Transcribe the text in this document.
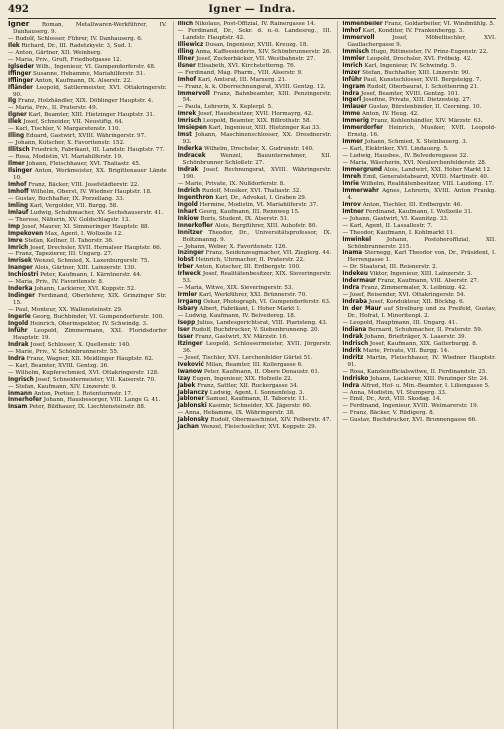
492	Igner — Indra.

Igner Roman, Metallwaren-Werkführer, IV. Danhauserg. 9.

— Rudolf, Schlosser, Führer, IV. Danhauserg. 6.

Ilek Richard, Dr., III. Radetzkystr. 3, Sud. I.

— Anton, Gärtner, XII. Weinberg.

— Maria, Priv., Gruft, Friedhofgasse 12.

Iglseder Wilh., Ingenieur, VI. Gumpendorferstr. 48.

Iffinger Susanne, Hebamme, Mariahilferstr. 51.

Ifflinger Anton, Kaufmann, IX. Alserstr. 22.

Ifländer Leopold, Sattlermeister, XVI. Ottakringerstr. 90.

Ilg Franz, Holzhändler, XIX. Döblinger Hauptstr. 4.

— Maria, Priv., II. Praterstr. 49.

Ilgner Karl, Beamter, XIII. Hietzinger Hauptstr. 31.

Illek Josef, Schneider, VII. Neustiftg. 64.

— Karl, Tischler, V. Margaretenstr. 110.

Illing Eduard, Gastwirt, XVIII. Währingerstr. 97.

— Johann, Kutscher, X. Favoritenstr. 152.

Illitsch Friedrich, Fabrikant, III. Landstr. Hauptstr. 77.

— Rosa, Modistin, VI. Mariahilferstr. 19.

Ilmer Johann, Fleischhauer, XVI. Thaliastr. 45.

Ilsinger Anton, Werkmeister, XX. Brigittenauer Lände 10.

Imhof Franz, Bäcker, VIII. Josefstädterstr. 22.

Imhoff Wilhelm, Oberst, IV. Wiedner Hauptstr. 18.

— Gustav, Buchhalter, IX. Porzellang. 33.

Imling Karl, Vergolder, VII. Burgg. 58.

Imlauf Ludwig, Schuhmacher, XV. Sechshauserstr. 41.

— Therese, Näherin, XV. Goldschlagstr. 13.

Imp Josef, Maurer, XI. Simmeringer Hauptstr. 88.

Impekoven Max, Agent, I. Wollzeile 12.

Imre Stefan, Kellner, II. Taborstr. 36.

Imrich Josef, Drechsler, XVII. Hernalser Hauptstr. 66.

— Franz, Tapezierer, III. Ungarg. 27.

Imrisek Wenzel, Schmied, X. Laxenburgerstr. 75.

Inanger Alois, Gärtner, XIII. Lainzerstr. 130.

Inchiostri Peter, Kaufmann, I. Kärntnerstr. 44.

— Maria, Priv., IV. Favoritenstr. 8.

Inderka Johann, Lackierer, XVI. Koppstr. 52.

Indinger Ferdinand, Oberlehrer, XIX. Grinzinger Str. 15.

— Paul, Monteur, XX. Wallensteinstr. 29.

Ingerle Georg, Buchbinder, VI. Gumpendorferstr. 100.

Ingold Heinrich, Oberinspektor, IV. Schwindg. 3.

Inführ Leopold, Zimmermann, XXI. Floridsdorfer Hauptstr. 19.

Indrak Josef, Schlosser, X. Quellenstr. 140.

— Marie, Priv., V. Schönbrunnerstr. 55.

Indra Franz, Wagner, XII. Meidlinger Hauptstr. 62.

— Karl, Beamter, XVIII. Gentzg. 36.

— Wilhelm, Kupferschmied, XVI. Ottakringerstr. 128.

Ingrisch Josef, Schneidermeister, VII. Kaiserstr. 70.

— Stefan, Kaufmann, XIV. Linzerstr. 9.

Inmann Anton, Portier, I. Rotenturmstr. 17.

Innerhofer Johann, Hausbesorger, VIII. Lange G. 41.

Insam Peter, Bildhauer, IX. Liechtensteinstr. 88.

Illich Nikolaus, Post-Offizial, IV. Rainergasse 14.

— Ferdinand, Dr., Sekr. d. n.-ö. Landesreg., III. Landstr. Hauptstr. 42.

Illiewicz Dusan, Ingenieur, XVIII. Kreuzg. 18.

Illing Anna, Kaffeesiederin, XIV. Schönbrunnerstr. 26.

Illner Josef, Zuckerbäcker, VII. Westbahnstr. 27.

Ilsner Elisabeth, XVI. Kirchstetterng. 76.

— Ferdinand, Mag. Pharm., VIII. Alserstr. 9.

Imhof Karl, Amtsrat, III. Marxerg. 21.

— Franz, k. k. Oberrechnungsrat, XVIII. Gentzg. 12.

Immervoll Franz, Bahnbeamter, XIII. Penzingerstr. 54.

— Paula, Lehrerin, X. Keplerpl. 5.

Imrek Josef, Hausbesitzer, XVII. Hormayrg. 42.

Imrisch Leopold, Beamter, XIX. Billrothstr. 58.

Imsiepen Karl, Ingenieur, XIII. Hietzinger Kai 33.

Imst Johann, Maschinenschlosser, XX. Dresdnerstr. 93.

Inderka Wilhelm, Drechsler, X. Gudrunstr. 140.

Indracek	Wenzel, Bauunternehmer, XII. Schönbrunner Schloßstr. 27.

Indrak Josef, Rechnungsrat, XVIII. Währingerstr. 190.

— Marie, Private, IX. Nußdorferstr. 8.

Indrich Rudolf, Musiker, XVI. Thaliastr. 32.

Ingenthron Karl, Dr., Advokat, I. Graben 29.

Ingold Hermine, Modistin, VI. Mariahilferstr. 37.

Inhart Georg, Kaufmann, III. Rennweg 15.

Inkiow Boris, Student, IX. Alserstr. 51.

Innerkofler Alois, Bergführer, XIII. Auhofstr. 80.

Innitzer Theodor, Dr., Universitätsprofessor, IX. Boltzmanng. 9.

— Johann, Weber, X. Favoritenstr. 126.

Inzinger Franz, Seidenzeugmacher, VII. Zieglerg. 44.

Iobst Heinrich, Uhrmacher, II. Praterstr. 22.

Irber Anton, Kutscher, III. Erdbergstr. 100.

Irlweck Josef, Realitätenbesitzer, XIX. Sieveringerstr. 53.

— Maria, Witwe, XIX. Sieveringerstr. 53.

Irmler Karl, Werkführer, XXI. Brünnerstr. 70.

Irrgang Oskar, Photograph, VI. Gumpendorferstr. 63.

Isbary Albert, Fabrikant, I. Hoher Markt 1.

— Ludwig, Kaufmann, IV. Belvedereg. 18.

Isepp Julius, Landesgerichtsrat, VIII. Piaristeng. 43.

Iser Rudolf, Buchdrucker, V. Siebenbrunneng. 20.

Isser Franz, Gastwirt, XV. Märzstr. 16.

Itzinger Leopold, Schlossermeister, XVII. Jörgerstr. 36.

— Josef, Tischler, XVI. Lerchenfelder Gürtel 51.

Iveković Milan, Beamter, III. Kollergasse 6.

Iwanow Peter, Kaufmann, II. Obere Donaustr. 61.

Izay Eugen, Ingenieur, XIX. Hofzeile 22.

Jabek Franz, Sattler, XII. Ruckergasse 34.

Jablanczy Ludwig, Agent, I. Sonnenfelsg. 3.

Jabloner Samuel, Kaufmann, II. Taborstr. 11.

Jablonski Kasimir, Schneider, XX. Jägerstr. 60.

— Anna, Hebamme, IX. Währingerstr. 38.

Jablonsky Rudolf, Obermaschinist, XIV. Felberstr. 47.

Jachan Wenzel, Fleischselcher, XVI. Koppstr. 29.

Immenbeiler Franz, Goldarbeiter, VI. Windmühlg. 5.

Imhof Karl, Konditor, IV. Frankenbergg. 3.

Immervoll	Josef, Möbeltischler, XVI. Gaullachergasse 9.

Immisch Hugo, Rittmeister, IV. Prinz-Eugenstr. 22.

Immler Leopold, Drechsler, XVI. Fröbelg. 42.

Imrich Karl, Ingenieur, IV. Schwindg. 5.

Imzer Stefan, Buchhalter, XIII. Linzerstr. 90.

Inführ Paul, Kunstschlosser, XVII. Bergsteigg. 7.

Ingram Rudolf, Oberbaurat, I. Schottenring 21.

Indra Josef, Beamter, XVIII. Gentzg. 101.

Ingerl Josefine, Private, XIII. Dietzesteig. 27.

Imlauer Gustav, Bürstenbinder, II. Czerning. 10.

Imme Anton, IV. Heug. 42.

Immerig Franz, Kohlenhändler, XIV. Märzstr. 63.

Immerdorfer Heinrich, Musiker, XVII. Leopold-Ernstg. 16.

Immer Johann, Schmied, X. Steinbauerg. 3.

— Karl, Elektriker, XVI. Lindauerg. 5.

— Ludwig, Hausbes., IV. Belvederegasse 32.

— Maria, Wäscherin, XVI. Neulerchenfelderstr. 28.

Immergrund Alois, Landwirt, XXI. Hoher Markt 12.

Imreh Emil, Generalstabsarzt, XVIII. Martinstr. 40.

Imrie Wilhelm, Realitätenbesitzer, VIII. Laudong. 17.

Immerwahr Agnes, Lehrerin, XVIII. Anton Frankg. 4.

Imrov Anton, Tischler, III. Erdbergstr. 46.

Imtner Ferdinand, Kaufmann, I. Wollzeile 31.

— Johann, Gastwirt, VI. Kaunitzg. 33.

— Karl, Agent, II. Lassallestr. 7.

— Theodor, Kaufmann, I. Kohlmarkt 11.

Imwinkel	Johann, Postoberoffizial, XII. Schönbrunnerstr. 215.

Inama Sternegg, Karl Theodor von, Dr., Präsident, I. Herrengasse 1.

— Dr. Staatsrat, III. Reisnerstr. 2.

Indekeu Viktor, Ingenieur, XIII. Lainzerstr. 3.

Indermaur Franz, Kaufmann, VIII. Alserstr. 27.

Indra Franz, Zimmermaler, X. Leibnizg. 42.

— Josef, Reisender, XVI. Ottakringerstr. 54.

Indraba Josef, Kondukteur, XII. Böckhg. 6.

In der Maur auf Strelburg und zu Freifeld, Gustav, Dr., Hofrat, I. Minoritenpl. 2.

— Leopold, Hauptmann, III. Ungarg. 41.

Indiana Bernard, Schuhmacher, II. Praterstr. 59.

Indrak Johann, Briefträger, X. Laaerstr. 39.

Indrisch Josef, Kaufmann, XIX. Gatterburgg. 8.

Indrik Marie, Private, VII. Burgg. 14.

Indritz Martin, Fleischhauer, IV. Wiedner Hauptstr. 91.

— Rosa, Kanzleiofficialswitwe, II. Ferdinandstr. 25.

Indrisko Johann, Lackierer, XIII. Penzinger Str. 24.

Indra Alfred, Hof- u. Min.-Beamter, I. Liliengasse 5.

— Anna, Modistin, VI. Stumperg. 33.

— Emil, Dr., Arzt, VIII. Skodag. 14.

— Ferdinand, Ingenieur, XVIII. Weimarerstr. 19.

— Franz, Bäcker, V. Rüdigerg. 8.

— Gustav, Buchdrucker, XVI. Brunnengasse 66.
